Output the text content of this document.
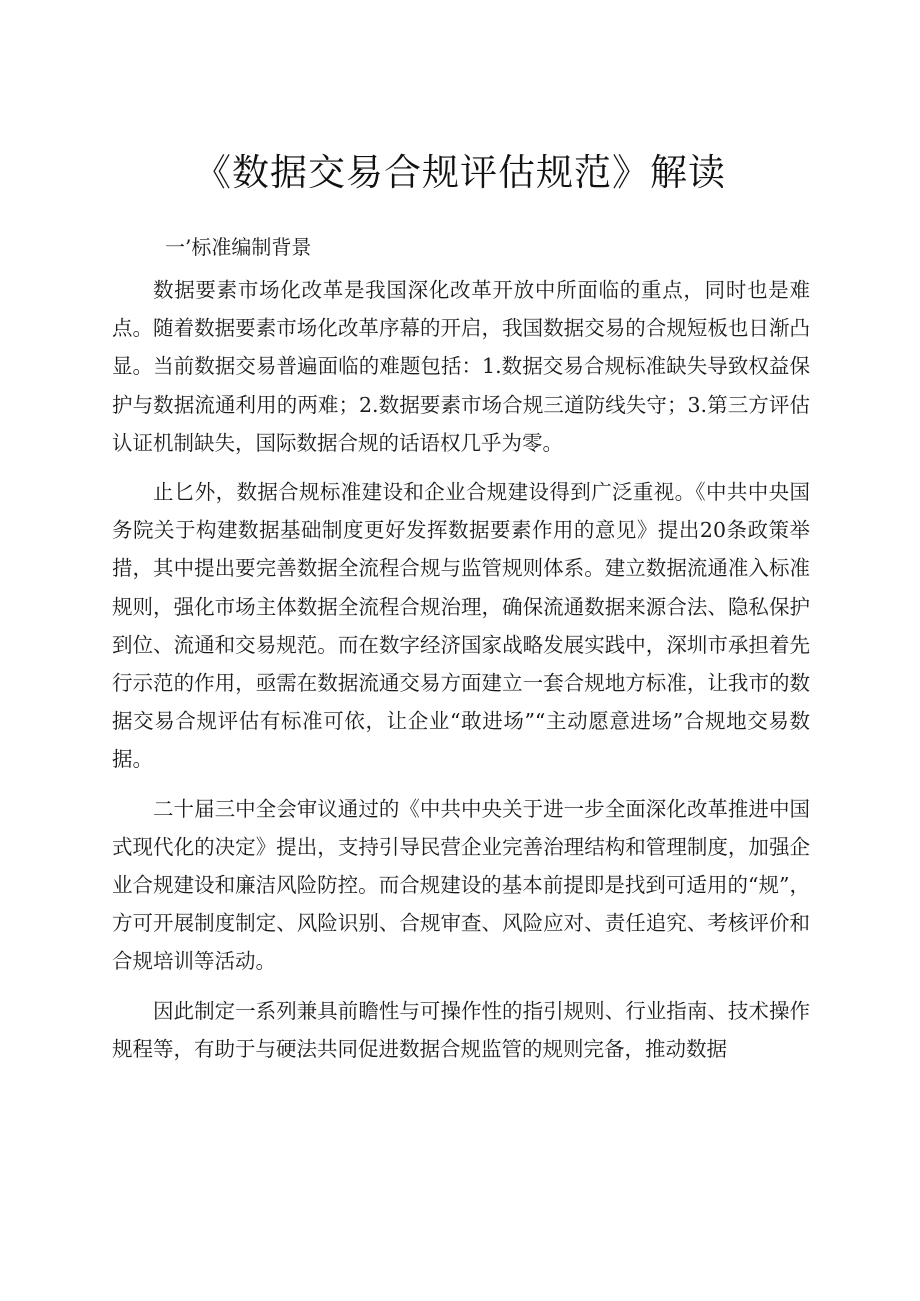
《数据交易合规评估规范》解读
一’标准编制背景

数据要素市场化改革是我国深化改革开放中所面临的重点，同时也是难点。随着数据要素市场化改革序幕的开启，我国数据交易的合规短板也日渐凸显。当前数据交易普遍面临的难题包括：1.数据交易合规标准缺失导致权益保护与数据流通利用的两难；2.数据要素市场合规三道防线失守；3.第三方评估认证机制缺失，国际数据合规的话语权几乎为零。

止匕外，数据合规标准建设和企业合规建设得到广泛重视。《中共中央国务院关于构建数据基础制度更好发挥数据要素作用的意见》提出20条政策举措，其中提出要完善数据全流程合规与监管规则体系。建立数据流通准入标准规则，强化市场主体数据全流程合规治理，确保流通数据来源合法、隐私保护到位、流通和交易规范。而在数字经济国家战略发展实践中，深圳市承担着先行示范的作用，亟需在数据流通交易方面建立一套合规地方标准，让我市的数据交易合规评估有标准可依，让企业“敢进场”“主动愿意进场”合规地交易数据。

二十届三中全会审议通过的《中共中央关于进一步全面深化改革推进中国式现代化的决定》提出，支持引导民营企业完善治理结构和管理制度，加强企业合规建设和廉洁风险防控。而合规建设的基本前提即是找到可适用的“规”，方可开展制度制定、风险识别、合规审查、风险应对、责任追究、考核评价和合规培训等活动。

因此制定一系列兼具前瞻性与可操作性的指引规则、行业指南、技术操作规程等，有助于与硬法共同促进数据合规监管的规则完备，推动数据
